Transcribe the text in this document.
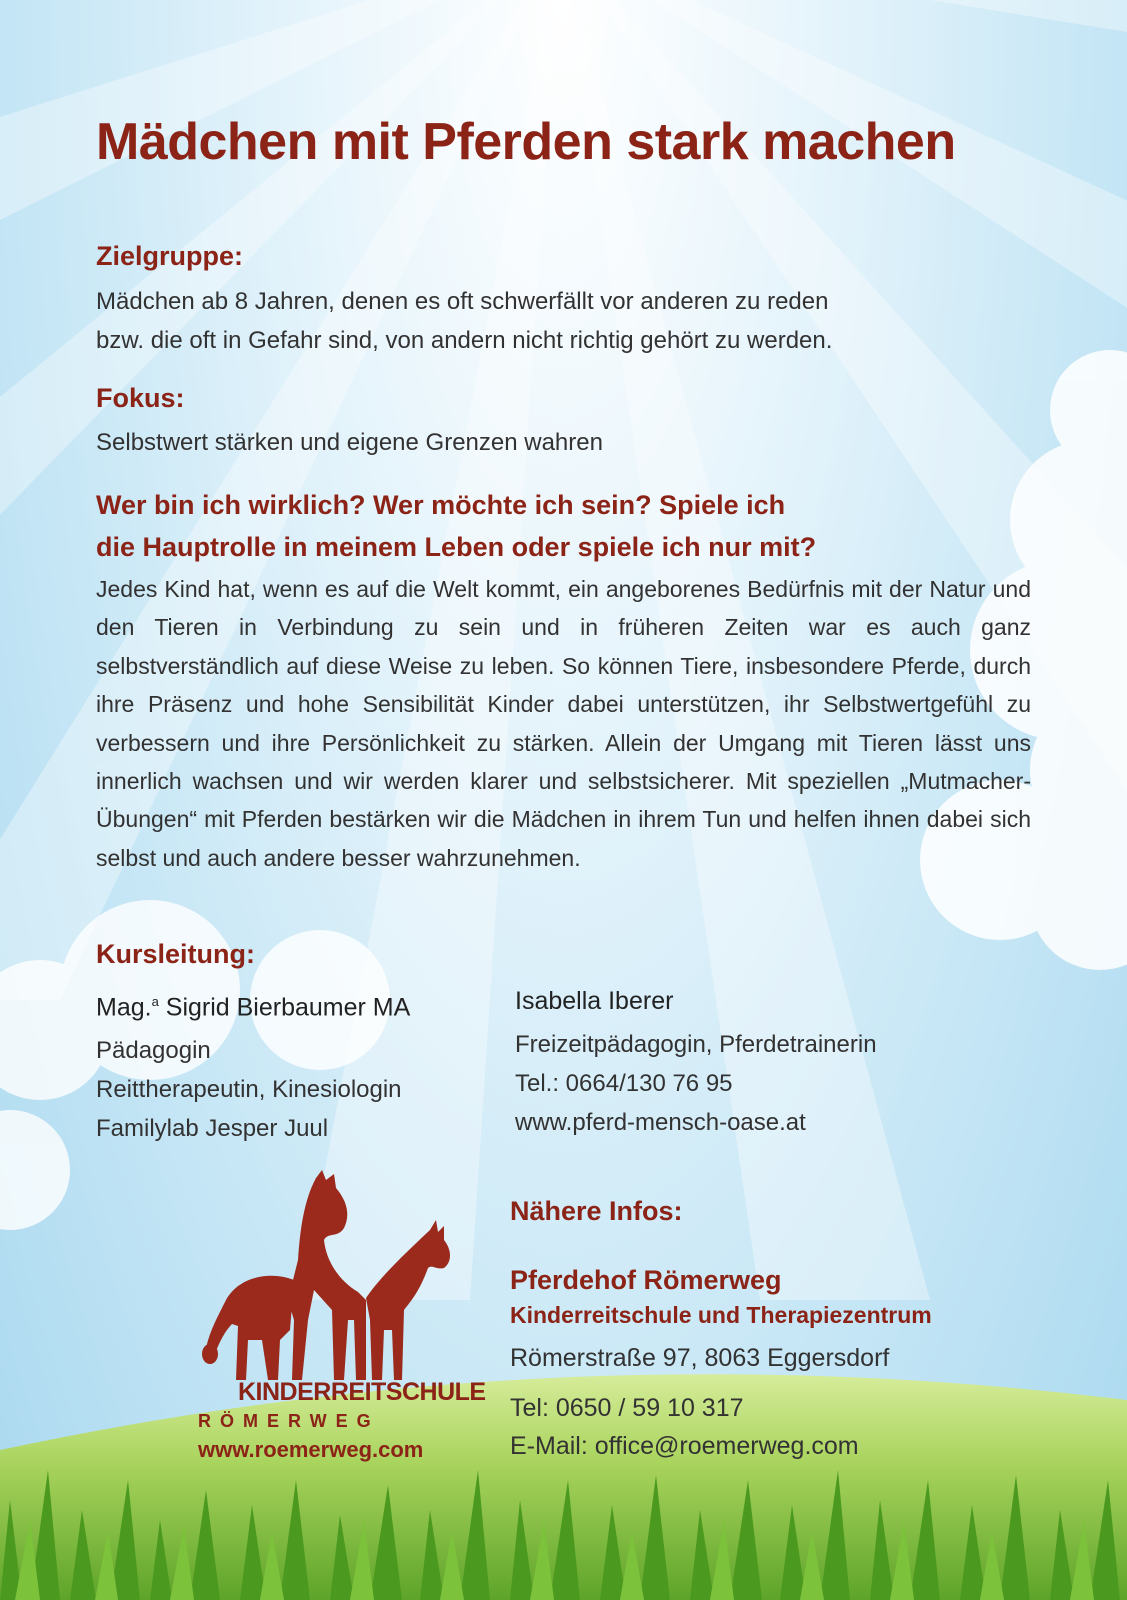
Mädchen mit Pferden stark machen
Zielgruppe:
Mädchen ab 8 Jahren, denen es oft schwerfällt vor anderen zu reden
bzw. die oft in Gefahr sind, von andern nicht richtig gehört zu werden.
Fokus:
Selbstwert stärken und eigene Grenzen wahren
Wer bin ich wirklich? Wer möchte ich sein? Spiele ich
die Hauptrolle in meinem Leben oder spiele ich nur mit?

Jedes Kind hat, wenn es auf die Welt kommt, ein angeborenes Bedürfnis mit der Natur und den Tieren in Verbindung zu sein und in früheren Zeiten war es auch ganz selbstverständlich auf diese Weise zu leben. So können Tiere, insbesondere Pferde, durch ihre Präsenz und hohe Sensibilität Kinder dabei unterstützen, ihr Selbstwertgefühl zu verbessern und ihre Persönlichkeit zu stärken. Allein der Umgang mit Tieren lässt uns innerlich wachsen und wir werden klarer und selbstsicherer. Mit speziellen „Mutmacher-Übungen“ mit Pferden bestärken wir die Mädchen in ihrem Tun und helfen ihnen dabei sich selbst und auch andere besser wahrzunehmen.

Kursleitung:
Mag.$^a$ Sigrid Bierbaumer MA
Pädagogin
Reittherapeutin, Kinesiologin
Familylab Jesper Juul
Isabella Iberer
Freizeitpädagogin, Pferdetrainerin
Tel.: 0664/130 76 95
www.pferd-mensch-oase.at
KINDERREITSCHULE
RÖMERWEG
www.roemerweg.com
Nähere Infos:
Pferdehof Römerweg
Kinderreitschule und Therapiezentrum
Römerstraße 97, 8063 Eggersdorf
Tel: 0650 / 59 10 317
E-Mail: office@roemerweg.com
